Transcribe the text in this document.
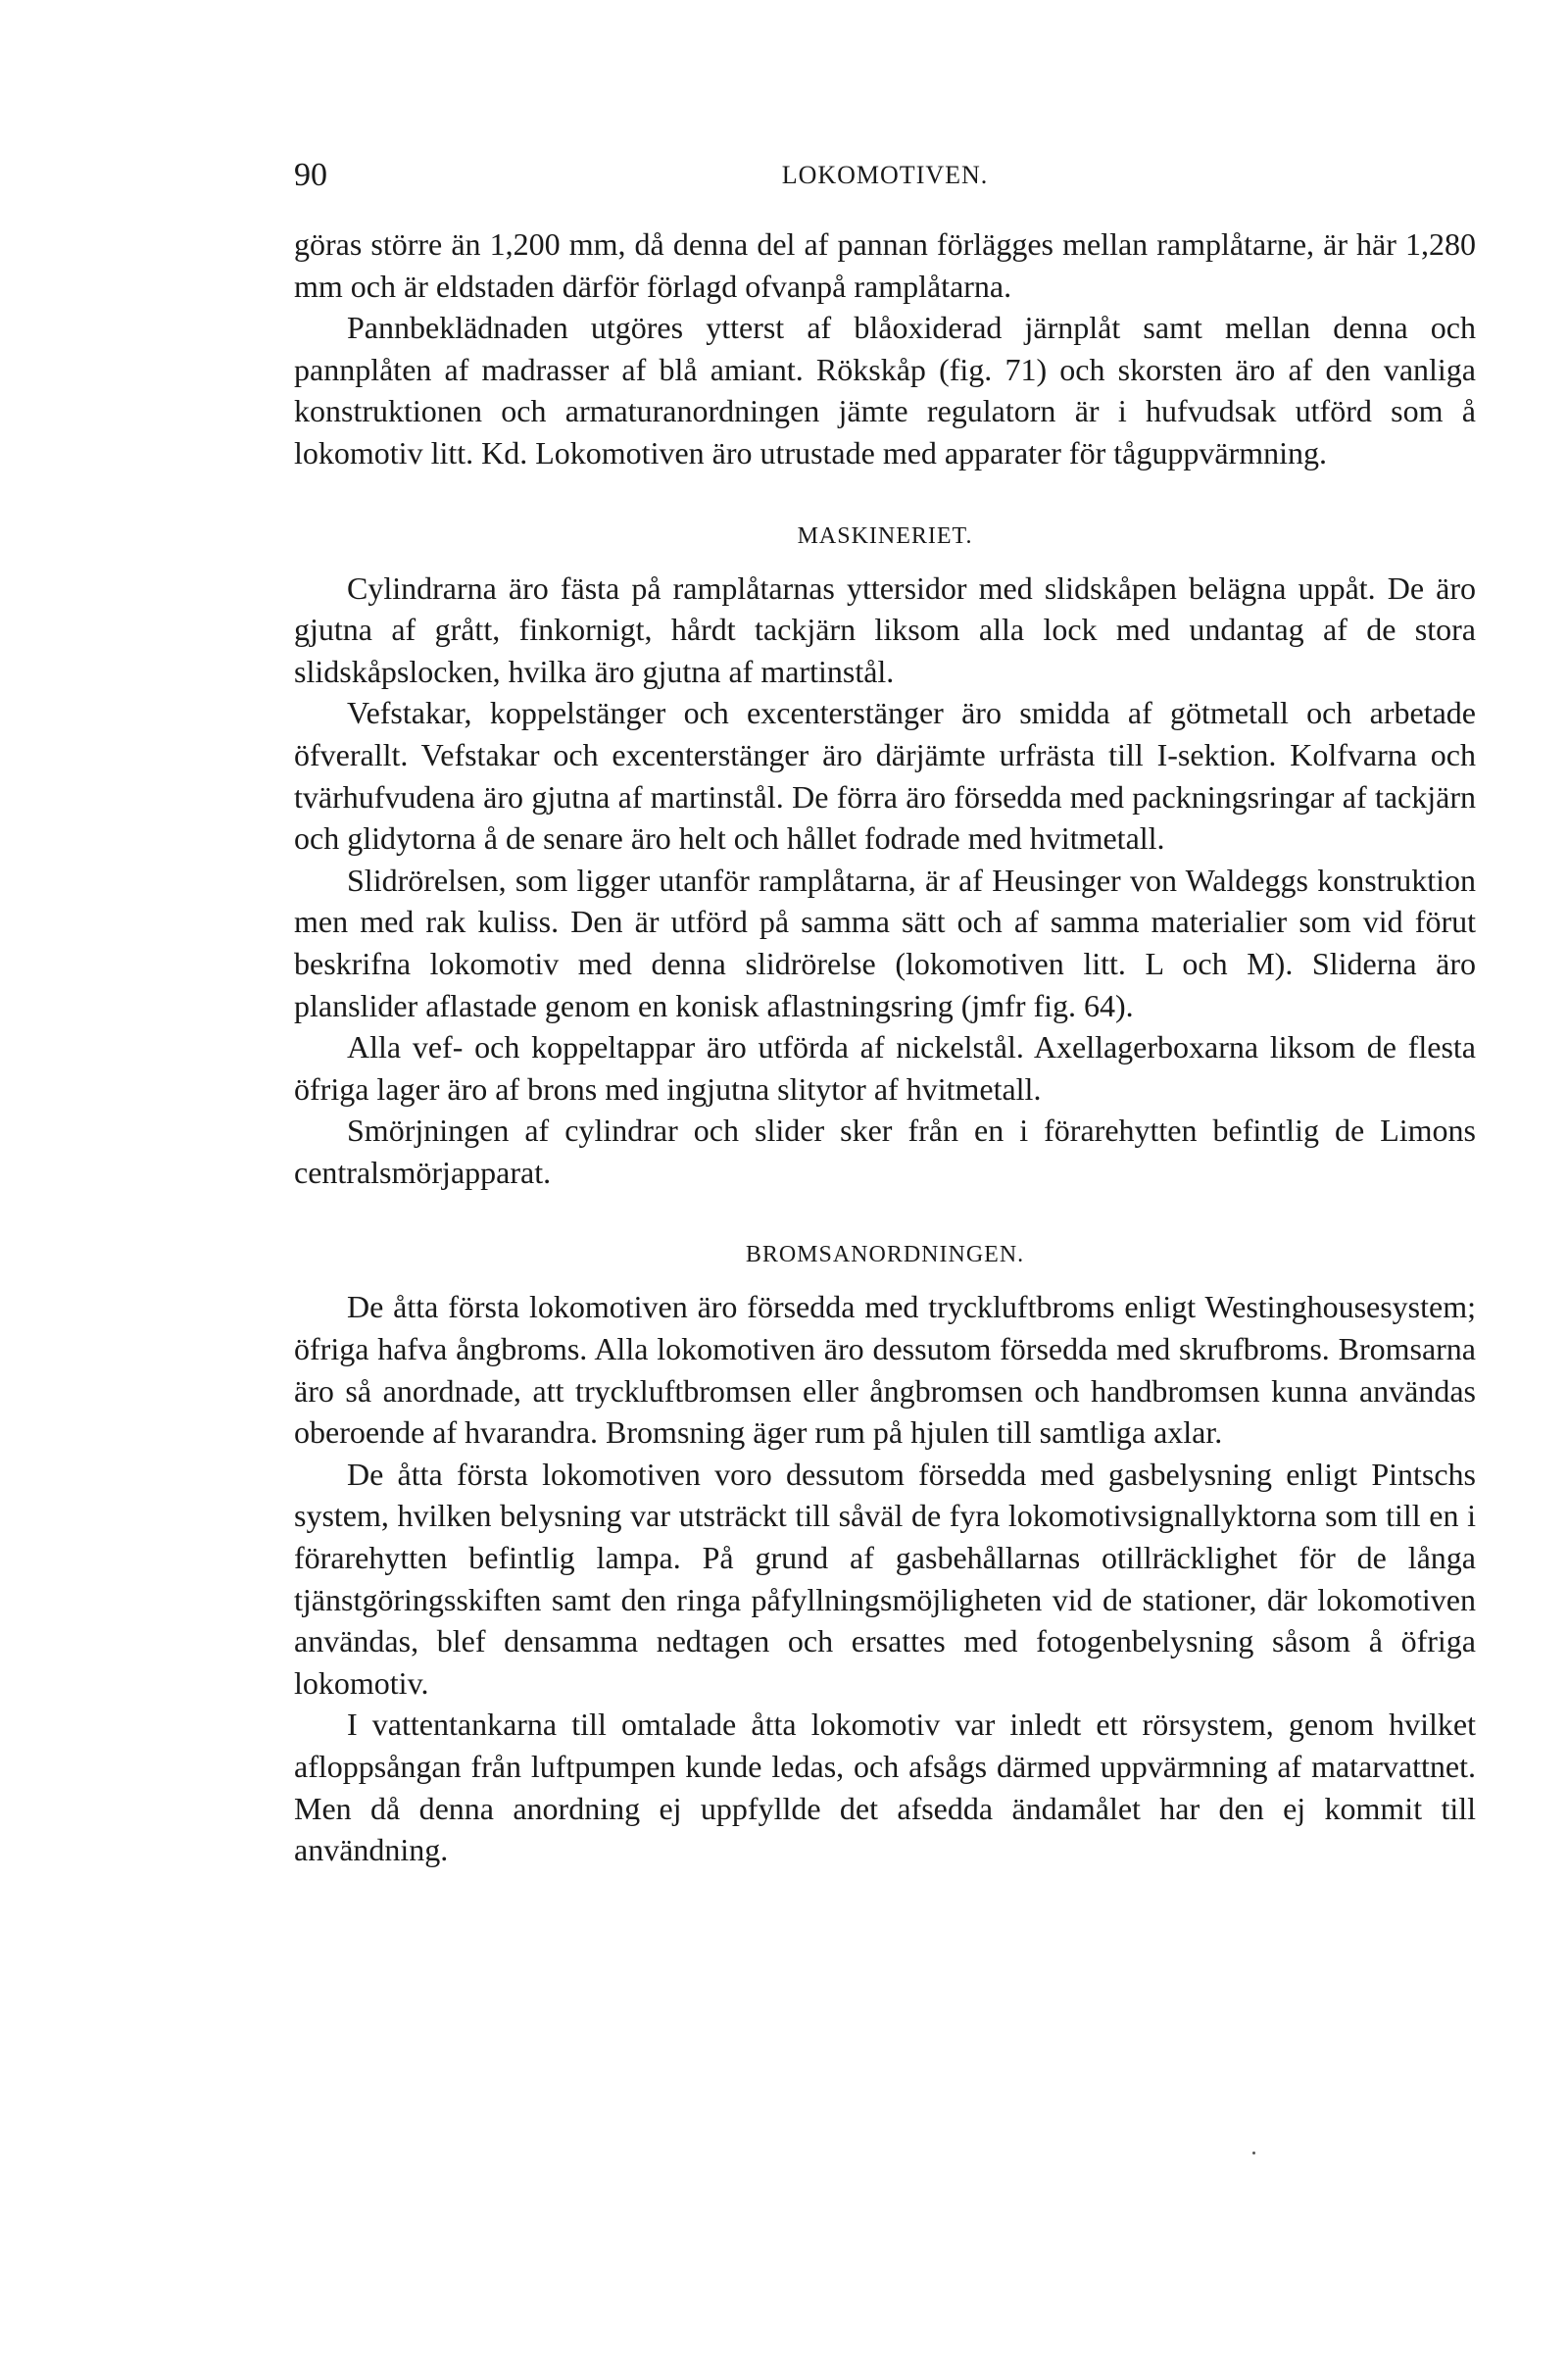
90	LOKOMOTIVEN.

göras större än 1,200 mm, då denna del af pannan förlägges mellan ramplåtarne, är här 1,280 mm och är eldstaden därför förlagd ofvanpå ramplåtarna.

Pannbeklädnaden utgöres ytterst af blåoxiderad järnplåt samt mellan denna och pannplåten af madrasser af blå amiant. Rökskåp (fig. 71) och skorsten äro af den vanliga konstruktionen och armaturanordningen jämte regulatorn är i hufvudsak utförd som å lokomotiv litt. Kd. Lokomotiven äro utrustade med apparater för tåguppvärmning.

MASKINERIET.

Cylindrarna äro fästa på ramplåtarnas yttersidor med slidskåpen belägna uppåt. De äro gjutna af grått, finkornigt, hårdt tackjärn liksom alla lock med undantag af de stora slidskåpslocken, hvilka äro gjutna af martinstål.

Vefstakar, koppelstänger och excenterstänger äro smidda af götmetall och arbetade öfverallt. Vefstakar och excenterstänger äro därjämte urfrästa till I-sektion. Kolfvarna och tvärhufvudena äro gjutna af martinstål. De förra äro försedda med packningsringar af tackjärn och glidytorna å de senare äro helt och hållet fodrade med hvitmetall.

Slidrörelsen, som ligger utanför ramplåtarna, är af Heusinger von Waldeggs konstruktion men med rak kuliss. Den är utförd på samma sätt och af samma materialier som vid förut beskrifna lokomotiv med denna slidrörelse (lokomotiven litt. L och M). Sliderna äro planslider aflastade genom en konisk aflastningsring (jmfr fig. 64).

Alla vef- och koppeltappar äro utförda af nickelstål. Axellagerboxarna liksom de flesta öfriga lager äro af brons med ingjutna slitytor af hvitmetall.

Smörjningen af cylindrar och slider sker från en i förarehytten befintlig de Limons centralsmörjapparat.

BROMSANORDNINGEN.

De åtta första lokomotiven äro försedda med tryckluftbroms enligt Westinghousesystem; öfriga hafva ångbroms. Alla lokomotiven äro dessutom försedda med skrufbroms. Bromsarna äro så anordnade, att tryckluftbromsen eller ångbromsen och handbromsen kunna användas oberoende af hvarandra. Bromsning äger rum på hjulen till samtliga axlar.

De åtta första lokomotiven voro dessutom försedda med gasbelysning enligt Pintschs system, hvilken belysning var utsträckt till såväl de fyra lokomotivsignallyktorna som till en i förarehytten befintlig lampa. På grund af gasbehållarnas otillräcklighet för de långa tjänstgöringsskiften samt den ringa påfyllningsmöjligheten vid de stationer, där lokomotiven användas, blef densamma nedtagen och ersattes med fotogenbelysning såsom å öfriga lokomotiv.

I vattentankarna till omtalade åtta lokomotiv var inledt ett rörsystem, genom hvilket afloppsångan från luftpumpen kunde ledas, och afsågs därmed uppvärmning af matarvattnet. Men då denna anordning ej uppfyllde det afsedda ändamålet har den ej kommit till användning.
